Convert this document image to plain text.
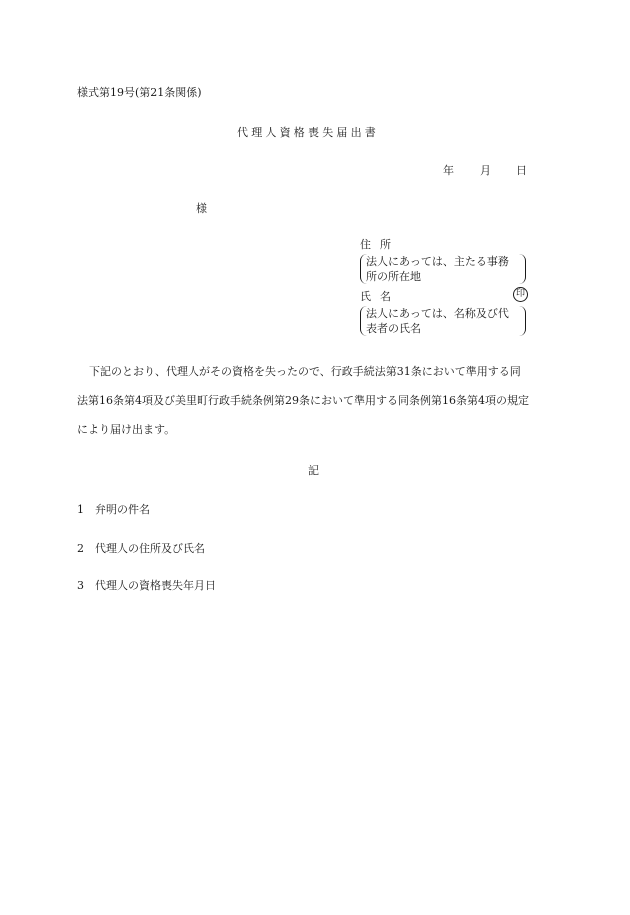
様式第19号(第21条関係)
代理人資格喪失届出書
年 月 日
様
住所
法人にあっては、主たる事務
所の所在地
氏名	印
法人にあっては、名称及び代
表者の氏名
下記のとおり、代理人がその資格を失ったので、行政手続法第31条において準用する同
法第16条第4項及び美里町行政手続条例第29条において準用する同条例第16条第4項の規定
により届け出ます。
記
1 弁明の件名
2 代理人の住所及び氏名
3 代理人の資格喪失年月日
